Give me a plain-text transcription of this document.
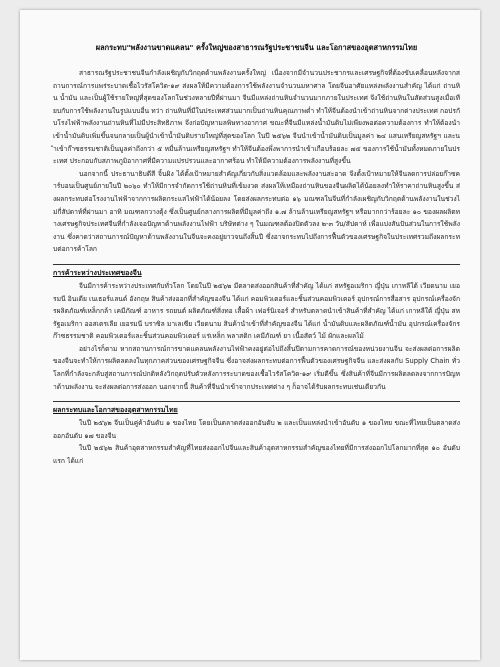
ผลกระทบ"พลังงานขาดแคลน" ครั้งใหญ่ของสาธารณรัฐประชาชนจีน และโอกาสของอุตสาหกรรมไทย

สาธารณรัฐประชาชนจีนกำลังเผชิญกับวิกฤตด้านพลังงานครั้งใหญ่ เนื่องจากมีจำนวนประชากรและเศรษฐกิจที่ต้องขับเคลื่อนหลังจากสถานการณ์การแพร่ระบาดเชื้อไวรัสโควิด-๑๙ ส่งผลให้มีความต้องการใช้พลังงานจำนวนมหาศาล โดยจีนอาศัยแหล่งพลังงานสำคัญ ได้แก่ ถ่านหิน น้ำมัน และเป็นผู้ใช้รายใหญ่ที่สุดของโลกในช่วงหลายปีที่ผ่านมา จีนมีแหล่งถ่านหินจำนวนมากภายในประเทศ จึงใช้ถ่านหินในสัดส่วนสูงเมื่อเทียบกับการใช้พลังงานในรูปแบบอื่น ทว่า ถ่านหินที่มีในประเทศส่วนมากเป็นถ่านหินคุณภาพต่ำ ทำให้จีนต้องนำเข้าถ่านหินจากต่างประเทศ กอปรกับโรงไฟฟ้าพลังงานถ่านหินที่ไม่มีประสิทธิภาพ จึงก่อปัญหามลพิษทางอากาศ ขณะที่จีนมีแหล่งน้ำมันดิบไม่เพียงพอต่อความต้องการ ทำให้ต้องนำเข้าน้ำมันดิบเพิ่มขึ้นจนกลายเป็นผู้นำเข้าน้ำมันดิบรายใหญ่ที่สุดของโลก ในปี ๒๕๖๒ จีนนำเข้าน้ำมันดิบเป็นมูลค่า ๒๔ แสนเหรียญสหรัฐฯ และนำเข้าก๊าซธรรมชาติเป็นมูลค่าถึงกว่า ๕ หมื่นล้านเหรียญสหรัฐฯ ทำให้จีนต้องพึ่งพาการนำเข้าเกือบร้อยละ ๗๕ ของการใช้น้ำมันทั้งหมดภายในประเทศ ประกอบกับสภาพภูมิอากาศที่มีความแปรปรวนและอากาศร้อน ทำให้มีความต้องการพลังงานที่สูงขึ้น

นอกจากนี้ ประธานาธิบดีสี จิ้นผิง ได้ตั้งเป้าหมายสำคัญเกี่ยวกับสิ่งแวดล้อมและพลังงานสะอาด จึงตั้งเป้าหมายให้จีนลดการปล่อยก๊าซคาร์บอนเป็นศูนย์ภายในปี ๒๐๖๐ ทำให้มีการจำกัดการใช้ถ่านหินที่เข้มงวด ส่งผลให้เหมืองถ่านหินของจีนผลิตได้น้อยลงทำให้ราคาถ่านหินสูงขึ้น ส่งผลกระทบต่อโรงงานไฟฟ้าจากการผลิตกระแสไฟฟ้าได้น้อยลง โดยส่งผลกระทบต่อ ๑๖ มณฑลในจีนที่กำลังเผชิญกับวิกฤตด้านพลังงานในช่วงไม่กี่สัปดาห์ที่ผ่านมา อาทิ มณฑลกวางตุ้ง ซึ่งเป็นศูนย์กลางการผลิตที่มีมูลค่าถึง ๑.๗ ล้านล้านเหรียญสหรัฐฯ หรือมากกว่าร้อยละ ๑๐ ของผลผลิตทางเศรษฐกิจประเทศจีนที่กำลังเจอปัญหาด้านพลังงานไฟฟ้า บริษัทต่าง ๆ ในมณฑลต้องปิดตัวลง ๒-๓ วัน/สัปดาห์ เพื่อแบ่งสันปันส่วนในการใช้พลังงาน ซึ่งคาดว่าสถานการณ์ปัญหาด้านพลังงานในจีนจะคงอยู่ยาวจนถึงสิ้นปี ซึ่งอาจกระทบไปถึงการฟื้นตัวของเศรษฐกิจในประเทศรวมถึงผลกระทบต่อการค้าโลก

การค้าระหว่างประเทศของจีน

จีนมีการค้าระหว่างประเทศกับทั่วโลก โดยในปี ๒๕๖๒ มีตลาดส่งออกสินค้าที่สำคัญ ได้แก่ สหรัฐอเมริกา ญี่ปุ่น เกาหลีใต้ เวียดนาม เยอรมนี อินเดีย เนเธอร์แลนด์ อังกฤษ สินค้าส่งออกที่สำคัญของจีน ได้แก่ คอมพิวเตอร์และชิ้นส่วนคอมพิวเตอร์ อุปกรณ์การสื่อสาร อุปกรณ์เครื่องจักรผลิตภัณฑ์เหล็กกล้า เคมีภัณฑ์ อาหาร รถยนต์ ผลิตภัณฑ์สิ่งทอ เสื้อผ้า เฟอร์นิเจอร์ สำหรับตลาดนำเข้าสินค้าที่สำคัญ ได้แก่ เกาหลีใต้ ญี่ปุ่น สหรัฐอเมริกา ออสเตรเลีย เยอรมนี บราซิล มาเลเซีย เวียดนาม สินค้านำเข้าที่สำคัญของจีน ได้แก่ น้ำมันดิบและผลิตภัณฑ์น้ำมัน อุปกรณ์เครื่องจักร ก๊าซธรรมชาติ คอมพิวเตอร์และชิ้นส่วนคอมพิวเตอร์ แร่เหล็ก พลาสติก เคมีภัณฑ์ ยา เนื้อสัตว์ ไม้ ผักและผลไม้

อย่างไรก็ตาม หากสถานการณ์การขาดแคลนพลังงานไฟฟ้าคงอยู่ต่อไปถึงสิ้นปีตามการคาดการณ์ของหน่วยงานจีน จะส่งผลต่อการผลิตของจีนจะทำให้การผลิตลดลงในทุกภาคส่วนของเศรษฐกิจจีน ซึ่งอาจส่งผลกระทบต่อการฟื้นตัวของเศรษฐกิจจีน และส่งผลกับ Supply Chain ทั่วโลกที่กำลังจะกลับสู่สถานการณ์ปกติหลังวิกฤตปรับตัวหลังการระบาดของเชื้อไวรัสโควิด-๑๙ เริ่มดีขึ้น ซึ่งสินค้าที่จีนมีการผลิตลดลงจากการปัญหาด้านพลังงาน จะส่งผลต่อการส่งออก นอกจากนี้ สินค้าที่จีนนำเข้าจากประเทศต่าง ๆ ก็อาจได้รับผลกระทบเช่นเดียวกัน

ผลกระทบและโอกาสของอุตสาหกรรมไทย

ในปี ๒๕๖๒ จีนเป็นคู่ค้าอันดับ ๑ ของไทย โดยเป็นตลาดส่งออกอันดับ ๒ และเป็นแหล่งนำเข้าอันดับ ๑ ของไทย ขณะที่ไทยเป็นตลาดส่งออกอันดับ ๑๗ ของจีน

ในปี ๒๕๖๒ สินค้าอุตสาหกรรมสำคัญที่ไทยส่งออกไปจีนและสินค้าอุตสาหกรรมสำคัญของไทยที่มีการส่งออกไปโลกมากที่สุด ๑๐ อันดับแรก ได้แก่
